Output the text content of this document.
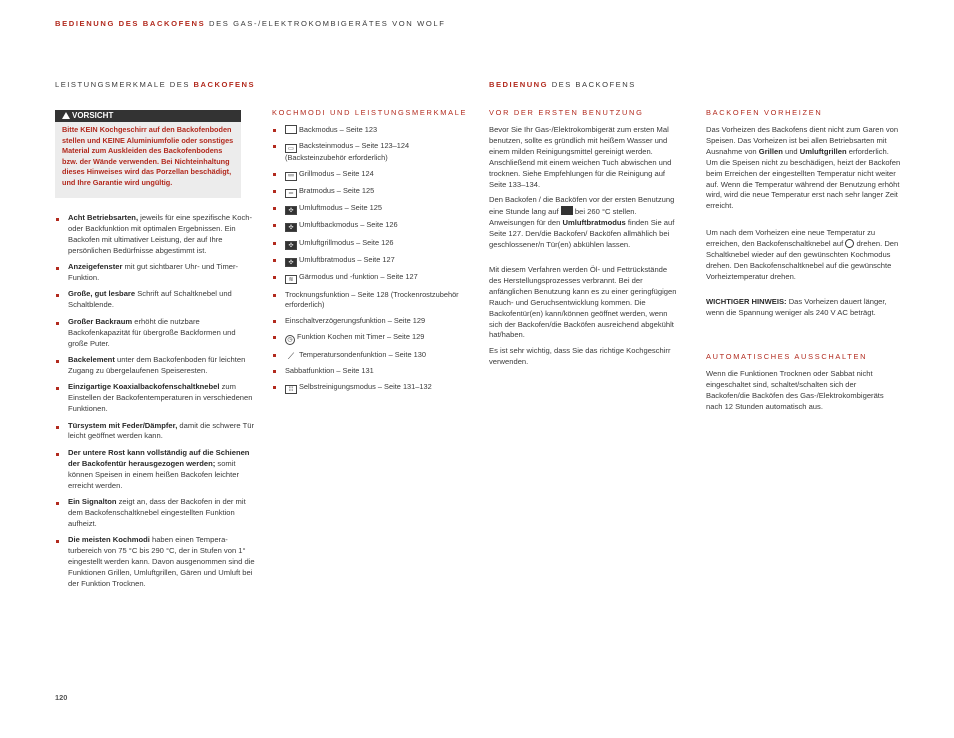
BEDIENUNG DES BACKOFENS DES GAS-/ELEKTROKOMBIGERÄTES VON WOLF
LEISTUNGSMERKMALE DES BACKOFENS
VORSICHT
Bitte KEIN Kochgeschirr auf den Backofenboden stellen und KEINE Aluminiumfolie oder sonstiges Material zum Auskleiden des Backofenbodens bzw. der Wände verwenden. Bei Nichteinhaltung dieses Hinweises wird das Porzellan beschädigt, und Ihre Garantie wird ungültig.
Acht Betriebsarten, jeweils für eine spezifische Koch- oder Backfunktion mit optimalen Ergebnissen. Ein Backofen mit ultimativer Leistung, der auf Ihre persönlichen Bedürfnisse abgestimmt ist.
Anzeigefenster mit gut sichtbarer Uhr- und Timer-Funktion.
Große, gut lesbare Schrift auf Schaltknebel und Schaltblende.
Großer Backraum erhöht die nutzbare Backofenkapazität für übergroße Backformen und große Puter.
Backelement unter dem Backofenboden für leichten Zugang zu übergelaufenen Speiseresten.
Einzigartige Koaxialbackofenschaltknebel zum Einstellen der Backofentemperaturen in verschiedenen Funktionen.
Türsystem mit Feder/Dämpfer, damit die schwere Tür leicht geöffnet werden kann.
Der untere Rost kann vollständig auf die Schienen der Backofentür herausgezogen werden; somit können Speisen in einem heißen Backofen leichter erreicht werden.
Ein Signalton zeigt an, dass der Backofen in der mit dem Backofenschaltknebel eingestellten Funktion aufheizt.
Die meisten Kochmodi haben einen Temperaturbereich von 75 °C bis 290 °C, der in Stufen von 1° eingestellt werden kann. Davon ausgenommen sind die Funktionen Grillen, Umluftgrillen, Gären und Umluft bei der Funktion Trocknen.
KOCHMODI UND LEISTUNGSMERKMALE
Backmodus – Seite 123
▭ Backsteinmodus – Seite 123–124 (Backsteinzubehör erforderlich)
ᵛᵛᵛ Grillmodus – Seite 124
═ Bratmodus – Seite 125
✣ Umluftmodus – Seite 125
✣ Umluftbackmodus – Seite 126
✣ Umluftgrillmodus – Seite 126
✣ Umluftbratmodus – Seite 127
≋ Gärmodus und -funktion – Seite 127
Trocknungsfunktion – Seite 128 (Trockenrostzubehör erforderlich)
Einschaltverzögerungsfunktion – Seite 129
◷ Funktion Kochen mit Timer – Seite 129
⟋ Temperatursondenfunktion – Seite 130
Sabbatfunktion – Seite 131
⁞⁞⁞ Selbstreinigungsmodus – Seite 131–132
BEDIENUNG DES BACKOFENS
VOR DER ERSTEN BENUTZUNG

Bevor Sie Ihr Gas-/Elektrokombigerät zum ersten Mal benutzen, sollte es gründlich mit heißem Wasser und einem milden Reinigungsmittel gereinigt werden. Anschließend mit einem weichen Tuch abwischen und trocknen. Siehe Empfehlungen für die Reinigung auf Seite 133–134.

Den Backofen / die Backöfen vor der ersten Benutzung eine Stunde lang auf bei 260 °C stellen. Anweisungen für den Umluftbratmodus finden Sie auf Seite 127. Den/die Backofen/ Backöfen allmählich bei geschlossener/n Tür(en) abkühlen lassen.

Mit diesem Verfahren werden Öl- und Fettrückstände des Herstellungsprozesses verbrannt. Bei der anfänglichen Benutzung kann es zu einer geringfügigen Rauch- und Geruchsentwicklung kommen. Die Backofentür(en) kann/können geöffnet werden, wenn sich der Backofen/die Backöfen ausreichend abgekühlt hat/haben.

Es ist sehr wichtig, dass Sie das richtige Kochgeschirr verwenden.

BACKOFEN VORHEIZEN

Das Vorheizen des Backofens dient nicht zum Garen von Speisen. Das Vorheizen ist bei allen Betriebsarten mit Ausnahme von Grillen und Umluftgrillen erforderlich. Um die Speisen nicht zu beschädigen, heizt der Backofen beim Erreichen der eingestellten Temperatur nicht weiter auf. Wenn die Temperatur während der Benutzung erhöht wird, wird die neue Temperatur erst nach sehr langer Zeit erreicht.

Um nach dem Vorheizen eine neue Temperatur zu erreichen, den Backofenschaltknebel auf drehen. Den Schaltknebel wieder auf den gewünschten Kochmodus drehen. Den Backofenschaltknebel auf die gewünschte Vorheiztemperatur drehen.

WICHTIGER HINWEIS: Das Vorheizen dauert länger, wenn die Spannung weniger als 240 V AC beträgt.

AUTOMATISCHES AUSSCHALTEN

Wenn die Funktionen Trocknen oder Sabbat nicht eingeschaltet sind, schaltet/schalten sich der Backofen/die Backöfen des Gas-/Elektrokombigeräts nach 12 Stunden automatisch aus.

120
